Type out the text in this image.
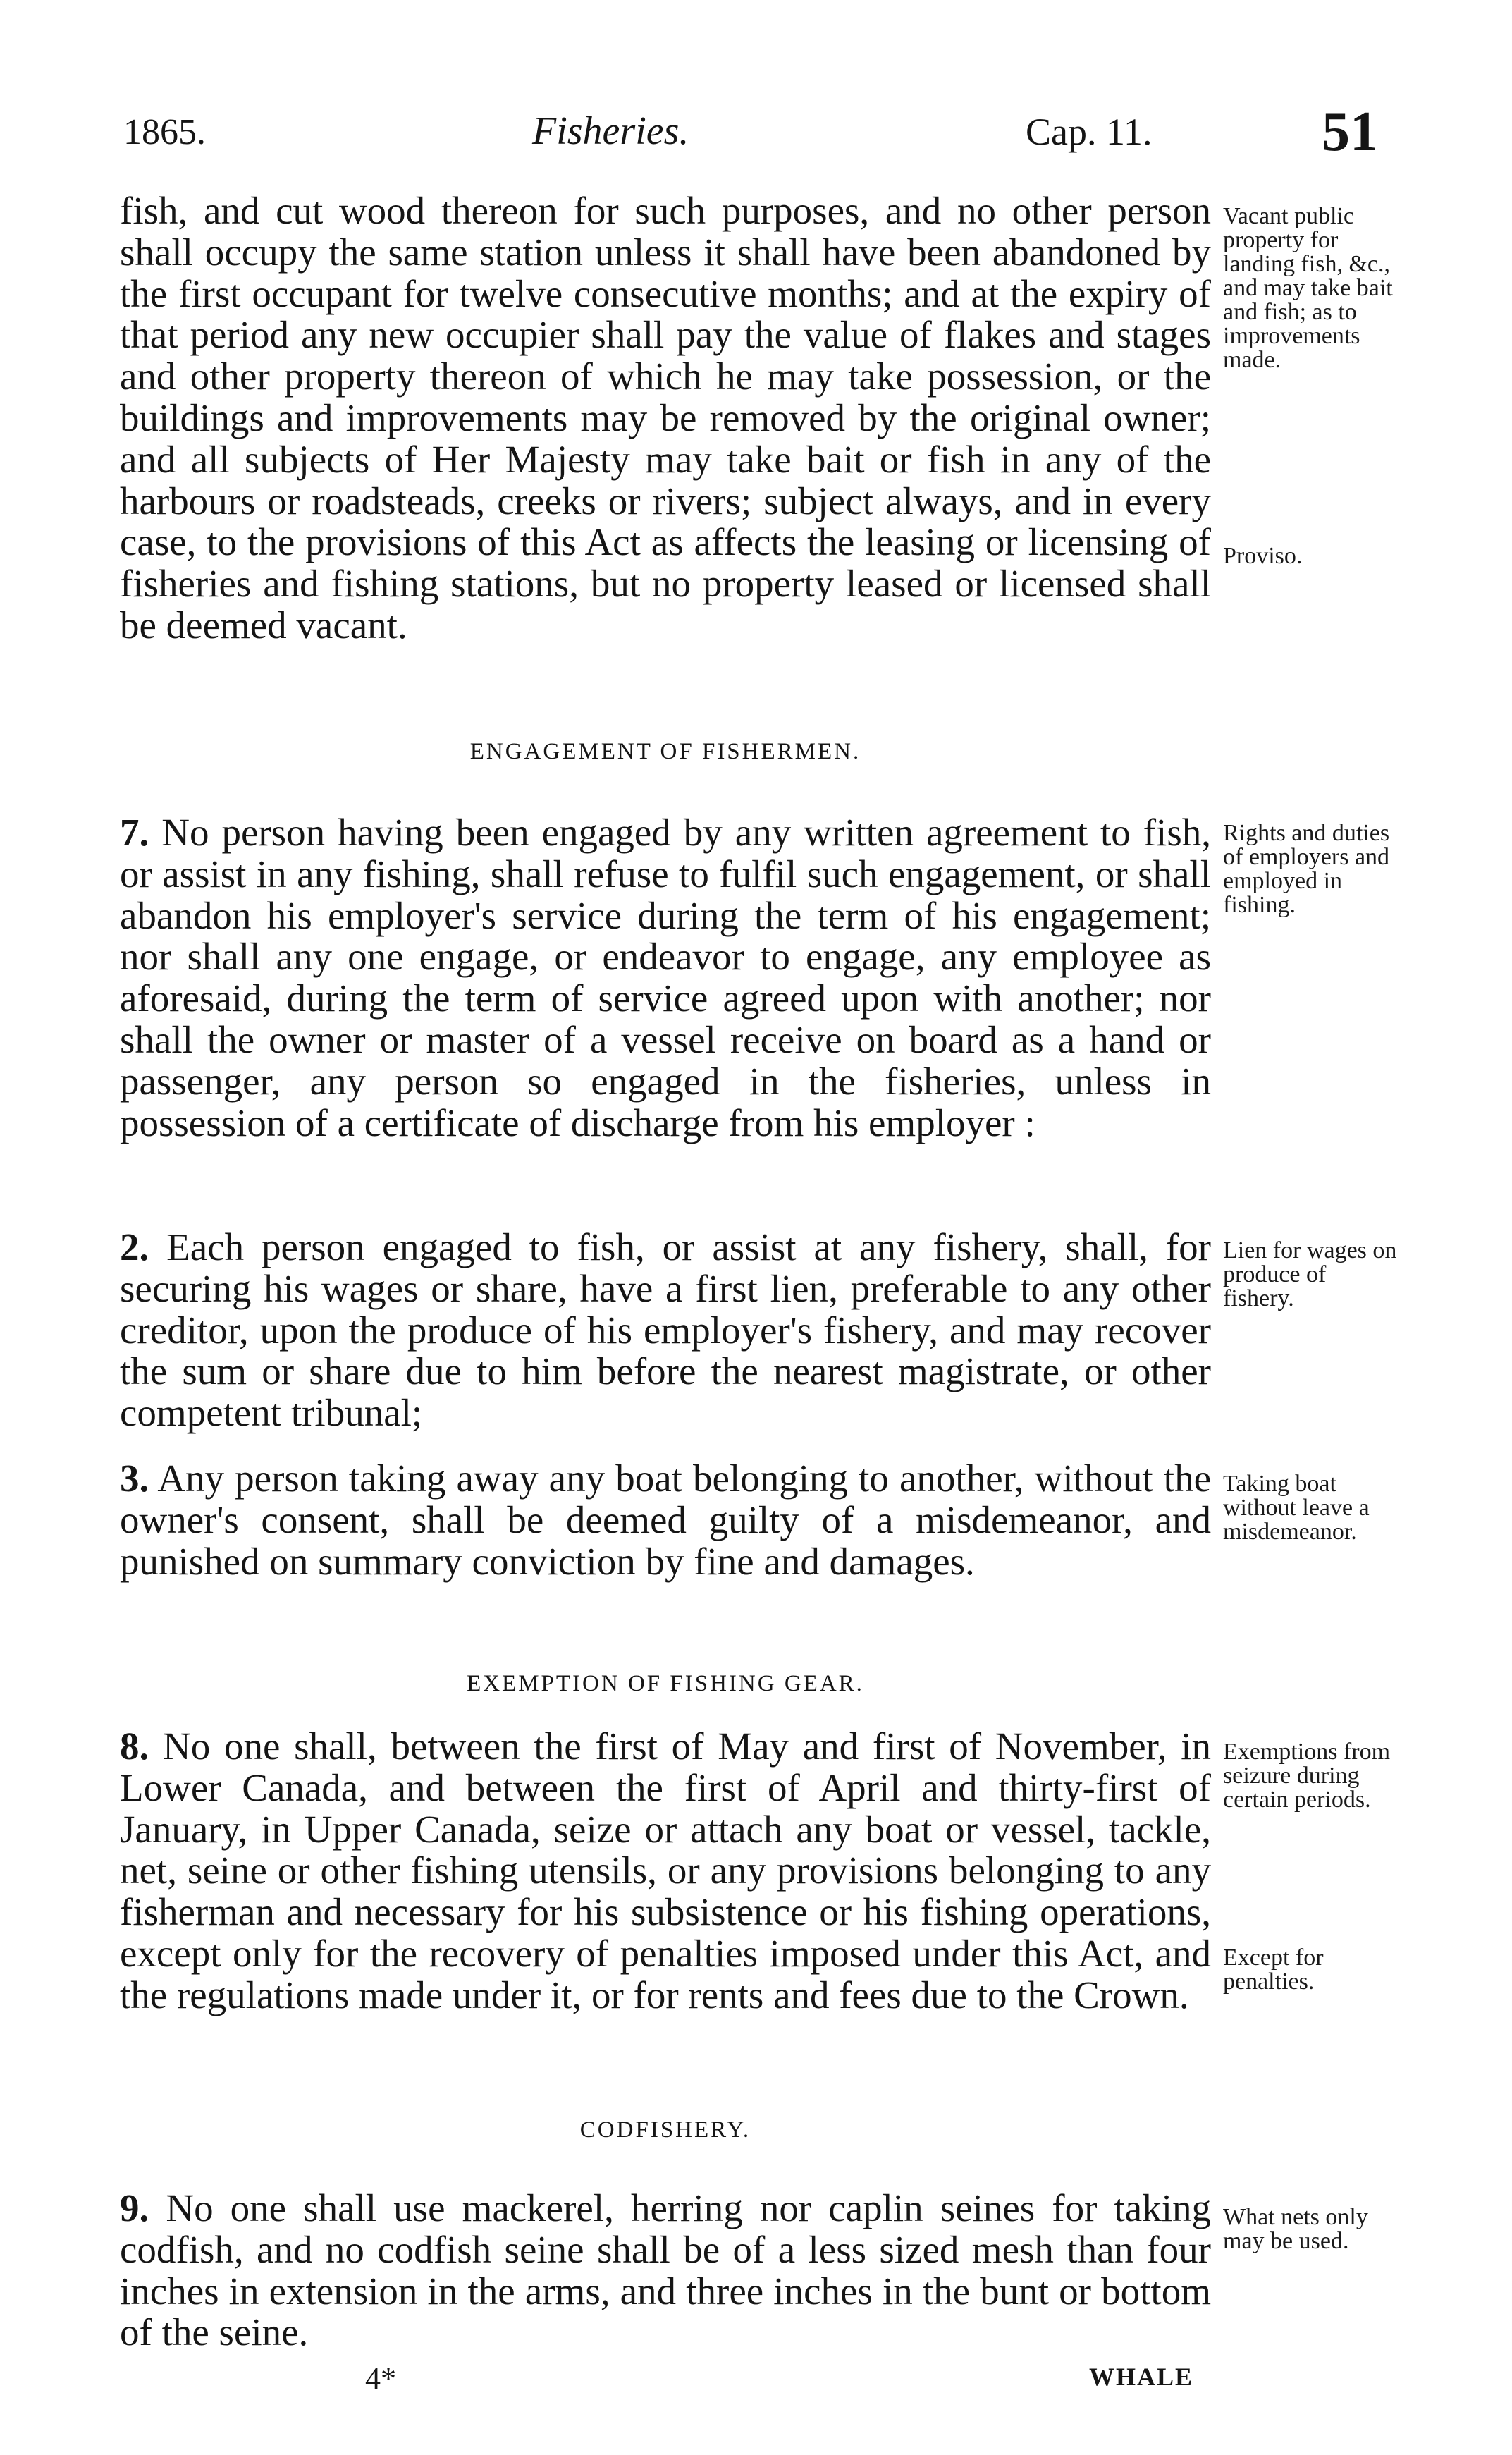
1865.	Fisheries.	Cap. 11.	51

fish, and cut wood thereon for such purposes, and no other person shall occupy the same station unless it shall have been abandoned by the first occupant for twelve consecutive months; and at the expiry of that period any new occupier shall pay the value of flakes and stages and other property thereon of which he may take possession, or the buildings and improvements may be removed by the original owner; and all subjects of Her Majesty may take bait or fish in any of the harbours or roadsteads, creeks or rivers; subject always, and in every case, to the provisions of this Act as affects the leasing or licensing of fisheries and fishing stations, but no property leased or licensed shall be deemed vacant.

Vacant public property for landing fish, &c., and may take bait and fish; as to improvements made.

Proviso.

ENGAGEMENT OF FISHERMEN.

7. No person having been engaged by any written agreement to fish, or assist in any fishing, shall refuse to fulfil such engagement, or shall abandon his employer's service during the term of his engagement; nor shall any one engage, or endeavor to engage, any employee as aforesaid, during the term of service agreed upon with another; nor shall the owner or master of a vessel receive on board as a hand or passenger, any person so engaged in the fisheries, unless in possession of a certificate of discharge from his employer :

Rights and duties of employers and employed in fishing.

2. Each person engaged to fish, or assist at any fishery, shall, for securing his wages or share, have a first lien, preferable to any other creditor, upon the produce of his employer's fishery, and may recover the sum or share due to him before the nearest magistrate, or other competent tribunal;

Lien for wages on produce of fishery.

3. Any person taking away any boat belonging to another, without the owner's consent, shall be deemed guilty of a misdemeanor, and punished on summary conviction by fine and damages.

Taking boat without leave a misdemeanor.

EXEMPTION OF FISHING GEAR.

8. No one shall, between the first of May and first of November, in Lower Canada, and between the first of April and thirty-first of January, in Upper Canada, seize or attach any boat or vessel, tackle, net, seine or other fishing utensils, or any provisions belonging to any fisherman and necessary for his subsistence or his fishing operations, except only for the recovery of penalties imposed under this Act, and the regulations made under it, or for rents and fees due to the Crown.

Exemptions from seizure during certain periods.

Except for penalties.

CODFISHERY.

9. No one shall use mackerel, herring nor caplin seines for taking codfish, and no codfish seine shall be of a less sized mesh than four inches in extension in the arms, and three inches in the bunt or bottom of the seine.

What nets only may be used.

4*	WHALE
